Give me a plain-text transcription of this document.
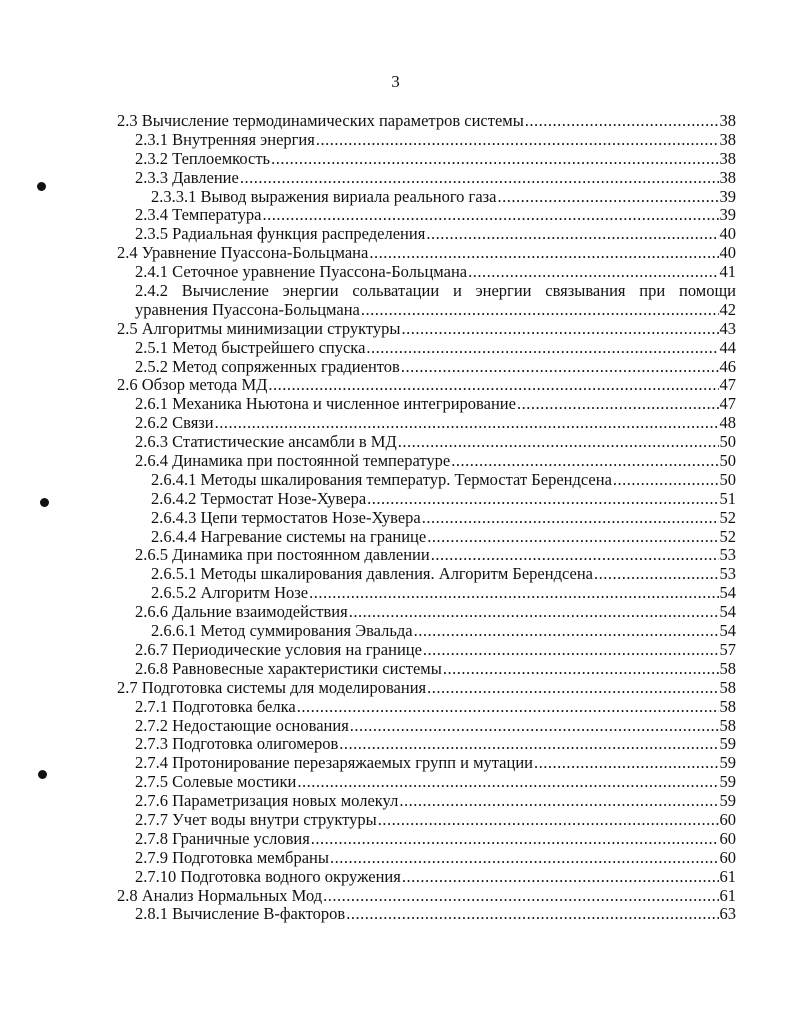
3
2.3 Вычисление термодинамических параметров системы .....	38
2.3.1 Внутренняя энергия .....	38
2.3.2 Теплоемкость .....	38
2.3.3 Давление .....	38
2.3.3.1 Вывод выражения вириала реального газа .....	39
2.3.4 Температура .....	39
2.3.5 Радиальная функция распределения .....	40
2.4 Уравнение Пуассона-Больцмана .....	40
2.4.1 Сеточное уравнение Пуассона-Больцмана .....	41
2.4.2 Вычисление энергии сольватации и энергии связывания при помощи
уравнения Пуассона-Больцмана .....	42
2.5 Алгоритмы минимизации структуры .....	43
2.5.1 Метод быстрейшего спуска .....	44
2.5.2 Метод сопряженных градиентов .....	46
2.6 Обзор метода МД .....	47
2.6.1 Механика Ньютона и численное интегрирование .....	47
2.6.2 Связи .....	48
2.6.3 Статистические ансамбли в МД .....	50
2.6.4 Динамика при постоянной температуре .....	50
2.6.4.1 Методы шкалирования температур. Термостат Берендсена .....	50
2.6.4.2 Термостат Нозе-Хувера .....	51
2.6.4.3 Цепи термостатов Нозе-Хувера .....	52
2.6.4.4 Нагревание системы на границе .....	52
2.6.5 Динамика при постоянном давлении .....	53
2.6.5.1 Методы шкалирования давления. Алгоритм Берендсена .....	53
2.6.5.2 Алгоритм Нозе .....	54
2.6.6 Дальние взаимодействия .....	54
2.6.6.1 Метод суммирования Эвальда .....	54
2.6.7 Периодические условия на границе .....	57
2.6.8 Равновесные характеристики системы .....	58
2.7 Подготовка системы для моделирования .....	58
2.7.1 Подготовка белка .....	58
2.7.2 Недостающие основания .....	58
2.7.3 Подготовка олигомеров .....	59
2.7.4 Протонирование перезаряжаемых групп и мутации .....	59
2.7.5 Солевые мостики .....	59
2.7.6 Параметризация новых молекул .....	59
2.7.7 Учет воды внутри структуры .....	60
2.7.8 Граничные условия .....	60
2.7.9 Подготовка мембраны .....	60
2.7.10 Подготовка водного окружения .....	61
2.8 Анализ Нормальных Мод .....	61
2.8.1 Вычисление В-факторов .....	63
